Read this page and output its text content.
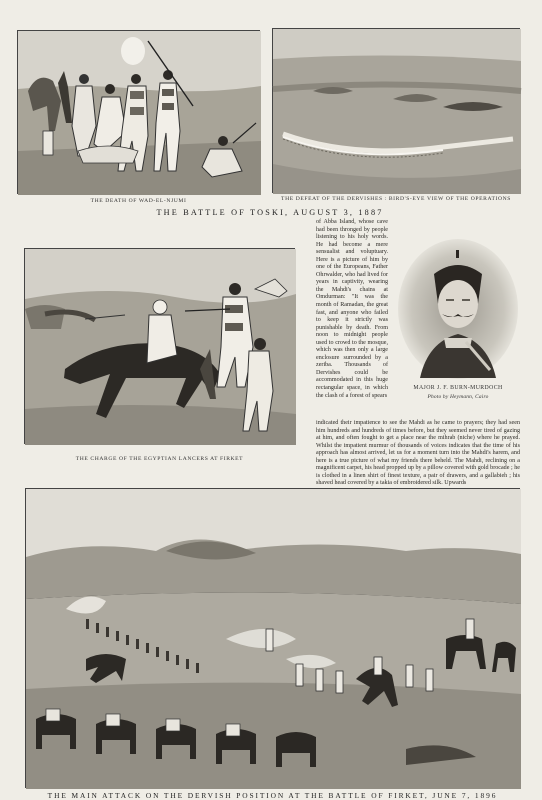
THE DEATH OF WAD-EL-NJUMI	THE DEFEAT OF THE DERVISHES : BIRD'S-EYE VIEW OF THE OPERATIONS
THE BATTLE OF TOSKI, AUGUST 3, 1887
THE CHARGE OF THE EGYPTIAN LANCERS AT FIRKET
of Abba Island, whose cave had been thronged by people listening to his holy words. He had become a mere sensualist and voluptuary. Here is a picture of him by one of the Europeans, Father Ohrwalder, who had lived for years in captivity, wearing the Mahdi's chains at Omdurman: "It was the month of Ramadan, the great fast, and anyone who failed to keep it strictly was punishable by death. From noon to midnight people used to crowd to the mosque, which was then only a large enclosure surrounded by a zeriba. Thousands of Dervishes could be accommodated in this huge rectangular space, in which the clash of a forest of spears
indicated their impatience to see the Mahdi as he came to prayers; they had seen him hundreds and hundreds of times before, but they seemed never tired of gazing at him, and often fought to get a place near the mihrab (niche) where he prayed. Whilst the impatient murmur of thousands of voices indicates that the time of his approach has almost arrived, let us for a moment turn into the Mahdi's harem, and here is a true picture of what my friends there beheld. The Mahdi, reclining on a magnificent carpet, his head propped up by a pillow covered with gold brocade ; he is clothed in a linen shirt of finest texture, a pair of drawers, and a gallabieh ; his shaved head covered by a takia of embroidered silk. Upwards
MAJOR J. F. BURN-MURDOCH
Photo by Heymann, Cairo
THE MAIN ATTACK ON THE DERVISH POSITION AT THE BATTLE OF FIRKET, JUNE 7, 1896
